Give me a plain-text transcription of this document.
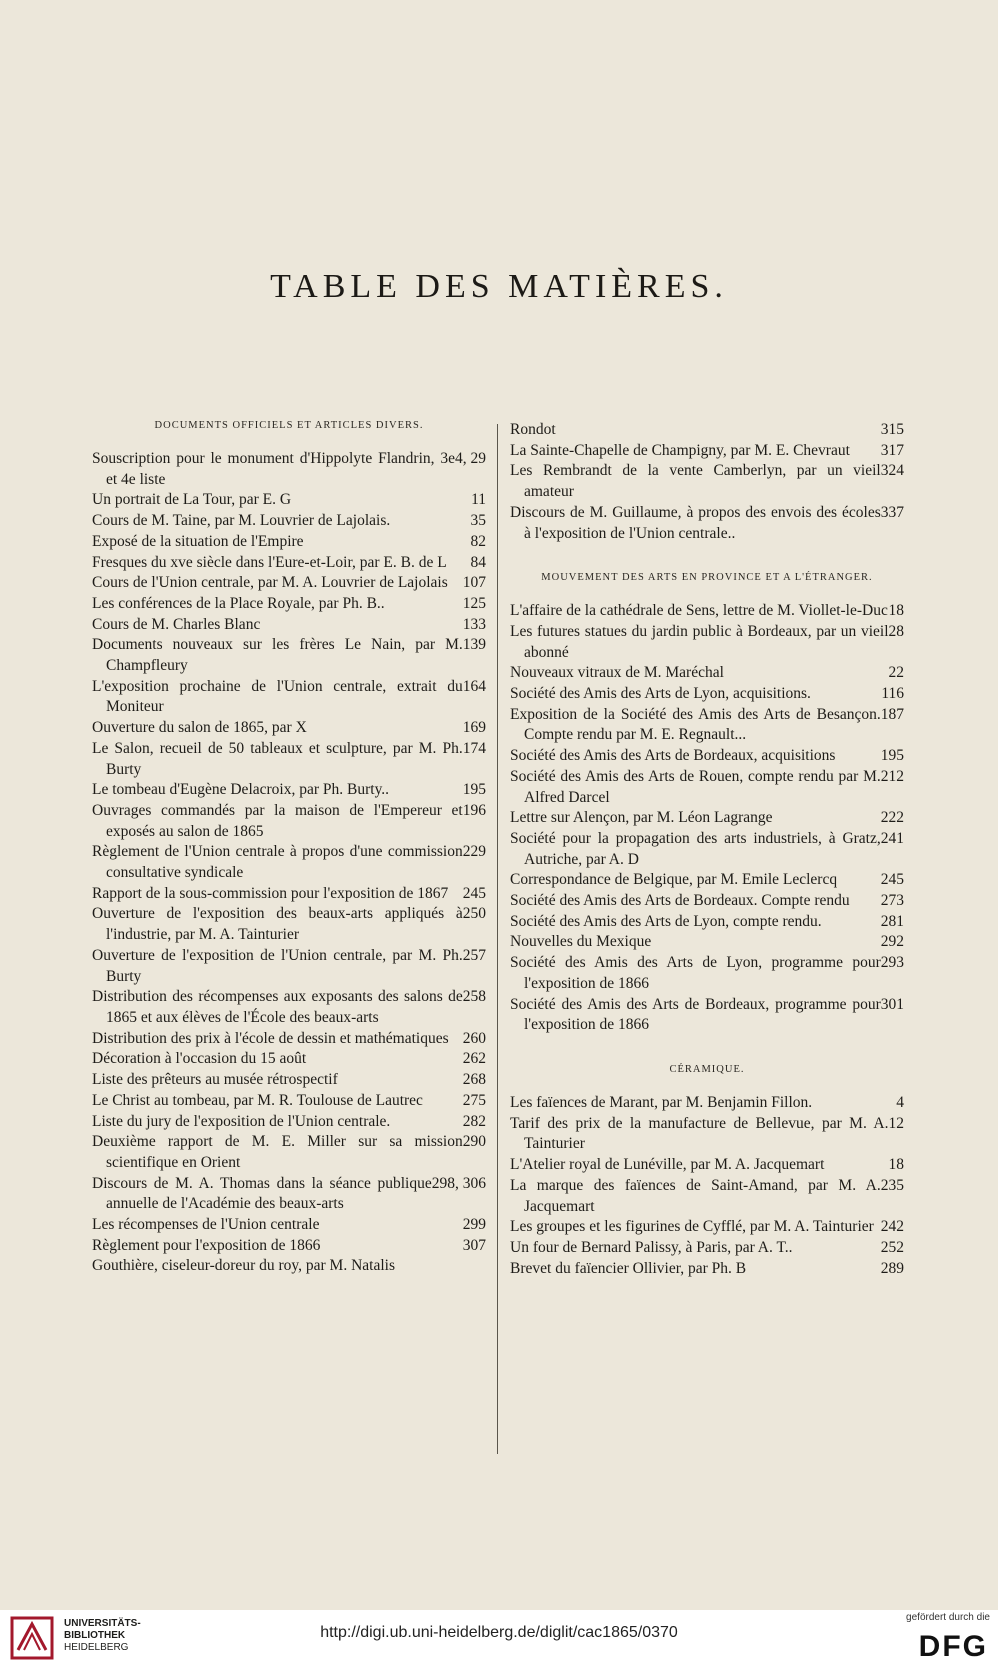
TABLE DES MATIÈRES.
DOCUMENTS OFFICIELS ET ARTICLES DIVERS.
4, 29
Souscription pour le monument d'Hippolyte Flandrin, 3e et 4e liste
11
Un portrait de La Tour, par E. G
35
Cours de M. Taine, par M. Louvrier de Lajolais.
82
Exposé de la situation de l'Empire
84
Fresques du xve siècle dans l'Eure-et-Loir, par E. B. de L
107
Cours de l'Union centrale, par M. A. Louvrier de Lajolais
125
Les conférences de la Place Royale, par Ph. B..
133
Cours de M. Charles Blanc
139
Documents nouveaux sur les frères Le Nain, par M. Champfleury
164
L'exposition prochaine de l'Union centrale, extrait du Moniteur
169
Ouverture du salon de 1865, par X
174
Le Salon, recueil de 50 tableaux et sculpture, par M. Ph. Burty
195
Le tombeau d'Eugène Delacroix, par Ph. Burty..
196
Ouvrages commandés par la maison de l'Empereur et exposés au salon de 1865
229
Règlement de l'Union centrale à propos d'une commission consultative syndicale
245
Rapport de la sous-commission pour l'exposition de 1867
250
Ouverture de l'exposition des beaux-arts appliqués à l'industrie, par M. A. Tainturier
257
Ouverture de l'exposition de l'Union centrale, par M. Ph. Burty
258
Distribution des récompenses aux exposants des salons de 1865 et aux élèves de l'École des beaux-arts
260
Distribution des prix à l'école de dessin et mathématiques
262
Décoration à l'occasion du 15 août
268
Liste des prêteurs au musée rétrospectif
275
Le Christ au tombeau, par M. R. Toulouse de Lautrec
282
Liste du jury de l'exposition de l'Union centrale.
290
Deuxième rapport de M. E. Miller sur sa mission scientifique en Orient
298, 306
Discours de M. A. Thomas dans la séance publique annuelle de l'Académie des beaux-arts
299
Les récompenses de l'Union centrale
307
Règlement pour l'exposition de 1866
Gouthière, ciseleur-doreur du roy, par M. Natalis
315
Rondot
317
La Sainte-Chapelle de Champigny, par M. E. Chevraut
324
Les Rembrandt de la vente Camberlyn, par un vieil amateur
337
Discours de M. Guillaume, à propos des envois des écoles à l'exposition de l'Union centrale..
MOUVEMENT DES ARTS EN PROVINCE ET A L'ÉTRANGER.
18
L'affaire de la cathédrale de Sens, lettre de M. Viollet-le-Duc
28
Les futures statues du jardin public à Bordeaux, par un vieil abonné
22
Nouveaux vitraux de M. Maréchal
116
Société des Amis des Arts de Lyon, acquisitions.
187
Exposition de la Société des Amis des Arts de Besançon. Compte rendu par M. E. Regnault...
195
Société des Amis des Arts de Bordeaux, acquisitions
212
Société des Amis des Arts de Rouen, compte rendu par M. Alfred Darcel
222
Lettre sur Alençon, par M. Léon Lagrange
241
Société pour la propagation des arts industriels, à Gratz, Autriche, par A. D
245
Correspondance de Belgique, par M. Emile Leclercq
273
Société des Amis des Arts de Bordeaux. Compte rendu
281
Société des Amis des Arts de Lyon, compte rendu.
292
Nouvelles du Mexique
293
Société des Amis des Arts de Lyon, programme pour l'exposition de 1866
301
Société des Amis des Arts de Bordeaux, programme pour l'exposition de 1866
CÉRAMIQUE.
4
Les faïences de Marant, par M. Benjamin Fillon.
12
Tarif des prix de la manufacture de Bellevue, par M. A. Tainturier
18
L'Atelier royal de Lunéville, par M. A. Jacquemart
235
La marque des faïences de Saint-Amand, par M. A. Jacquemart
242
Les groupes et les figurines de Cyfflé, par M. A. Tainturier
252
Un four de Bernard Palissy, à Paris, par A. T..
289
Brevet du faïencier Ollivier, par Ph. B
UNIVERSITÄTS-
BIBLIOTHEK
HEIDELBERG
http://digi.ub.uni-heidelberg.de/diglit/cac1865/0370
gefördert durch die
DFG
